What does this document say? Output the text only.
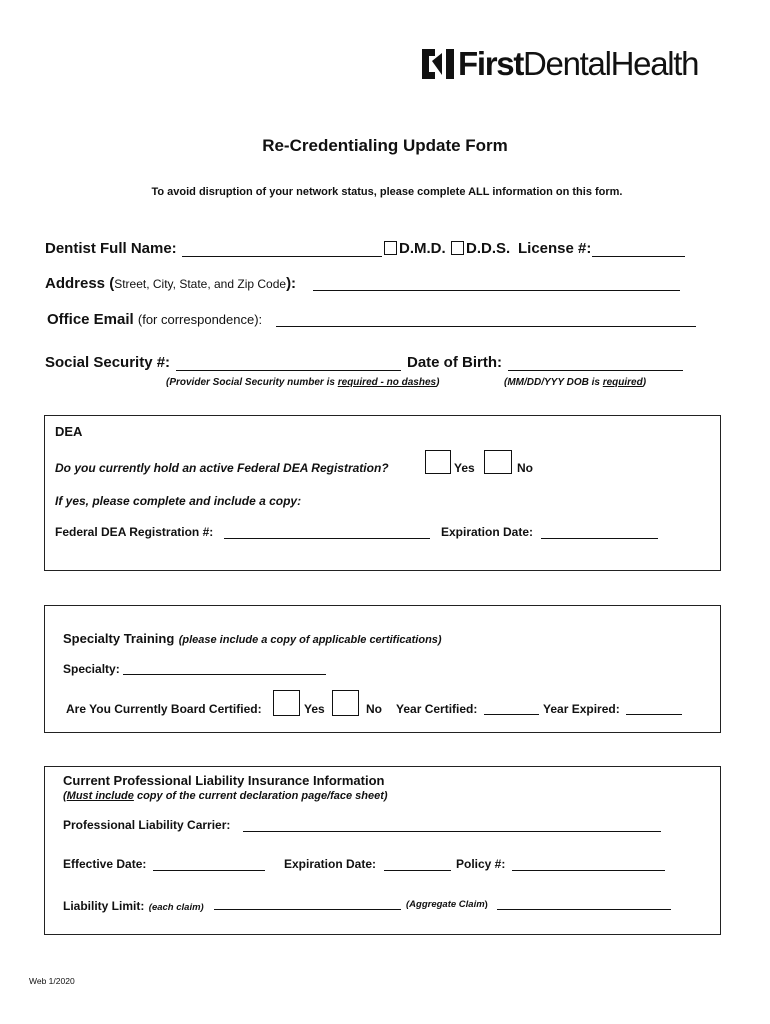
FirstDentalHealth
Re-Credentialing Update Form
To avoid disruption of your network status, please complete ALL information on this form.
Dentist Full Name:	D.M.D. D.D.S. License #:
Address (Street, City, State, and Zip Code):
Office Email (for correspondence):
Social Security #:	Date of Birth:
(Provider Social Security number is required - no dashes)	(MM/DD/YYY DOB is required)
DEA
Do you currently hold an active Federal DEA Registration?	Yes	No
If yes, please complete and include a copy:
Federal DEA Registration #:	Expiration Date:
Specialty Training (please include a copy of applicable certifications)
Specialty:
Are You Currently Board Certified:	Yes	No Year Certified:	Year Expired:
Current Professional Liability Insurance Information
(Must include copy of the current declaration page/face sheet)
Professional Liability Carrier:
Effective Date:	Expiration Date:	Policy #:
Liability Limit: (each claim)	(Aggregate Claim)
Web 1/2020
